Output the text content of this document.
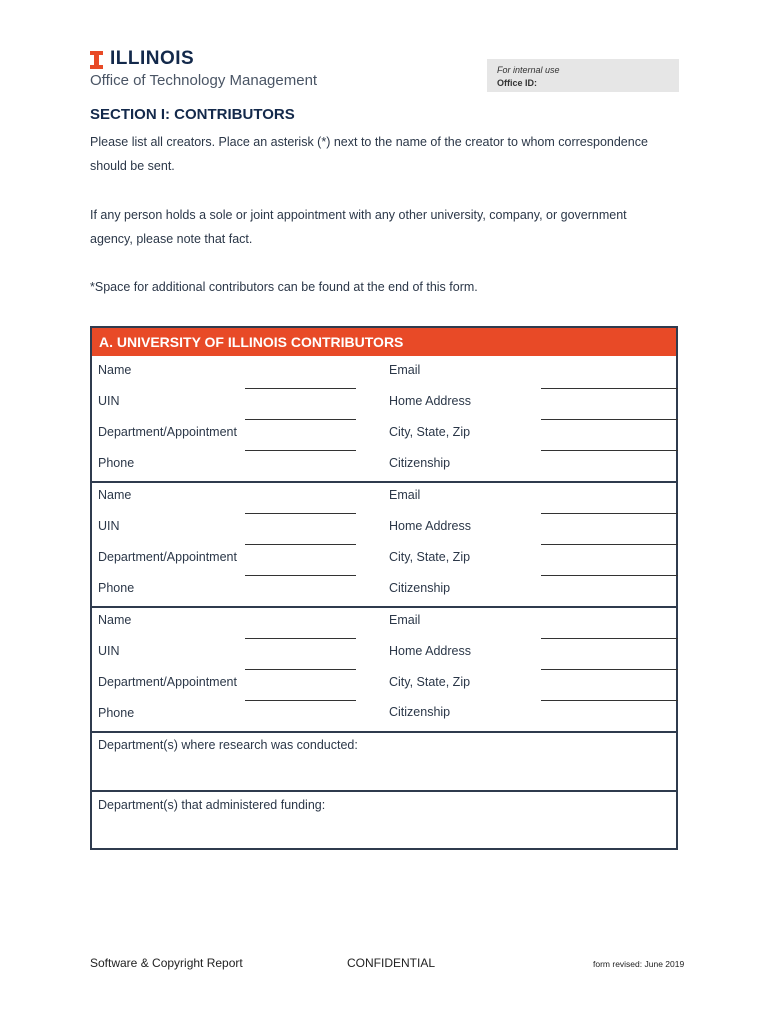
ILLINOIS
Office of Technology Management
For internal use
Office ID:
SECTION I: CONTRIBUTORS
Please list all creators. Place an asterisk (*) next to the name of the creator to whom correspondence
should be sent.
If any person holds a sole or joint appointment with any other university, company, or government
agency, please note that fact.
*Space for additional contributors can be found at the end of this form.
A. UNIVERSITY OF ILLINOIS CONTRIBUTORS
Name	Email
UIN	Home Address
Department/Appointment	City, State, Zip
Phone	Citizenship
Name	Email
UIN	Home Address
Department/Appointment	City, State, Zip
Phone	Citizenship
Name	Email
UIN	Home Address
Department/Appointment	City, State, Zip
Phone	Citizenship
Department(s) where research was conducted:
Department(s) that administered funding:
Software & Copyright Report	CONFIDENTIAL	form revised: June 2019
